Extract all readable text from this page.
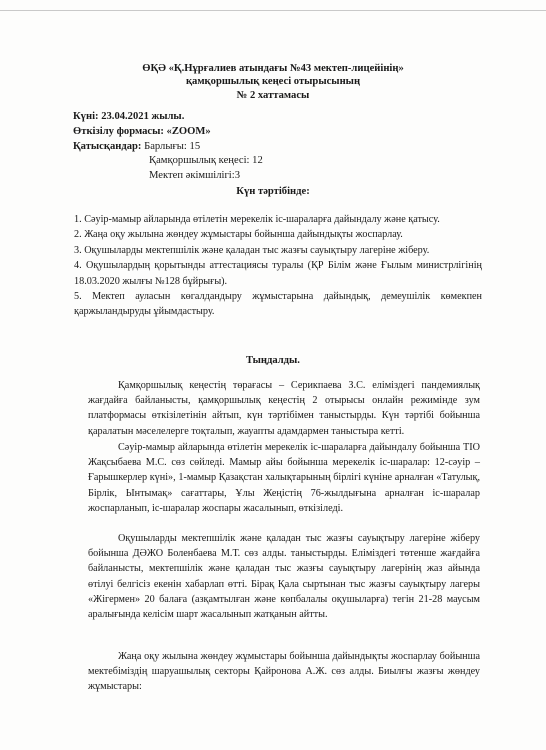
ӨҚӘ «Қ.Нұрғалиев атындағы №43 мектеп-лицейінің»
қамқоршылық кеңесі отырысының
№ 2 хаттамасы
Күні: 23.04.2021 жылы.
Өткізілу формасы: «ZOOM»
Қатысқандар: Барлығы: 15
Қамқоршылық кеңесі: 12
Мектеп әкімшілігі:3
Күн тәртібінде:
1. Сәуір-мамыр айларында өтілетін мерекелік іс-шараларға дайындалу және қатысу.
2. Жаңа оқу жылына жөндеу жұмыстары бойынша дайындықты жоспарлау.
3. Оқушыларды мектепшілік және қаладан тыс жазғы сауықтыру лагеріне жіберу.
4. Оқушылардың қорытынды аттестациясы туралы (ҚР Білім және Ғылым министрлігінің 18.03.2020 жылғы №128 бұйрығы).
5. Мектеп ауласын көгалдандыру жұмыстарына дайындық, демеушілік көмекпен қаржыландыруды ұйымдастыру.
Тыңдалды.
Қамқоршылық кеңестің төрағасы – Серикпаева З.С. еліміздегі пандемиялық жағдайға байланысты, қамқоршылық кеңестің 2 отырысы онлайн режимінде зум платформасы өткізілетінін айтып, күн тәртібімен таныстырды. Күн тәртібі бойынша қаралатын мәселелерге тоқталып, жауапты адамдармен таныстыра кетті.
Сәуір-мамыр айларында өтілетін мерекелік іс-шараларға дайындалу бойынша ТІО Жақсыбаева М.С. сөз сөйледі. Мамыр айы бойынша мерекелік іс-шаралар: 12-сәуір –Ғарышкерлер күні», 1-мамыр Қазақстан халықтарының бірлігі күніне арналған «Татулық, Бірлік, Ынтымақ» сағаттары, Ұлы Жеңістің 76-жылдығына арналған іс-шаралар жоспарланып, іс-шаралар жоспары жасалынып, өткізіледі.
Оқушыларды мектепшілік және қаладан тыс жазғы сауықтыру лагеріне жіберу бойынша ДӘЖО Боленбаева М.Т. сөз алды. таныстырды. Еліміздегі төтенше жағдайға байланысты, мектепшілік және қаладан тыс жазғы сауықтыру лагерінің жаз айында өтілуі белгісіз екенін хабарлап өтті. Бірақ Қала сыртынан тыс жазғы сауықтыру лагеры «Жігермен» 20 балаға (азқамтылған және көпбалалы оқушыларға) тегін 21-28 маусым аралығында келісім шарт жасалынып жатқанын айтты.
Жаңа оқу жылына жөндеу жұмыстары бойынша дайындықты жоспарлау бойынша мектебіміздің шаруашылық секторы Қайронова А.Ж. сөз алды. Биылғы жазғы жөндеу жұмыстары:
